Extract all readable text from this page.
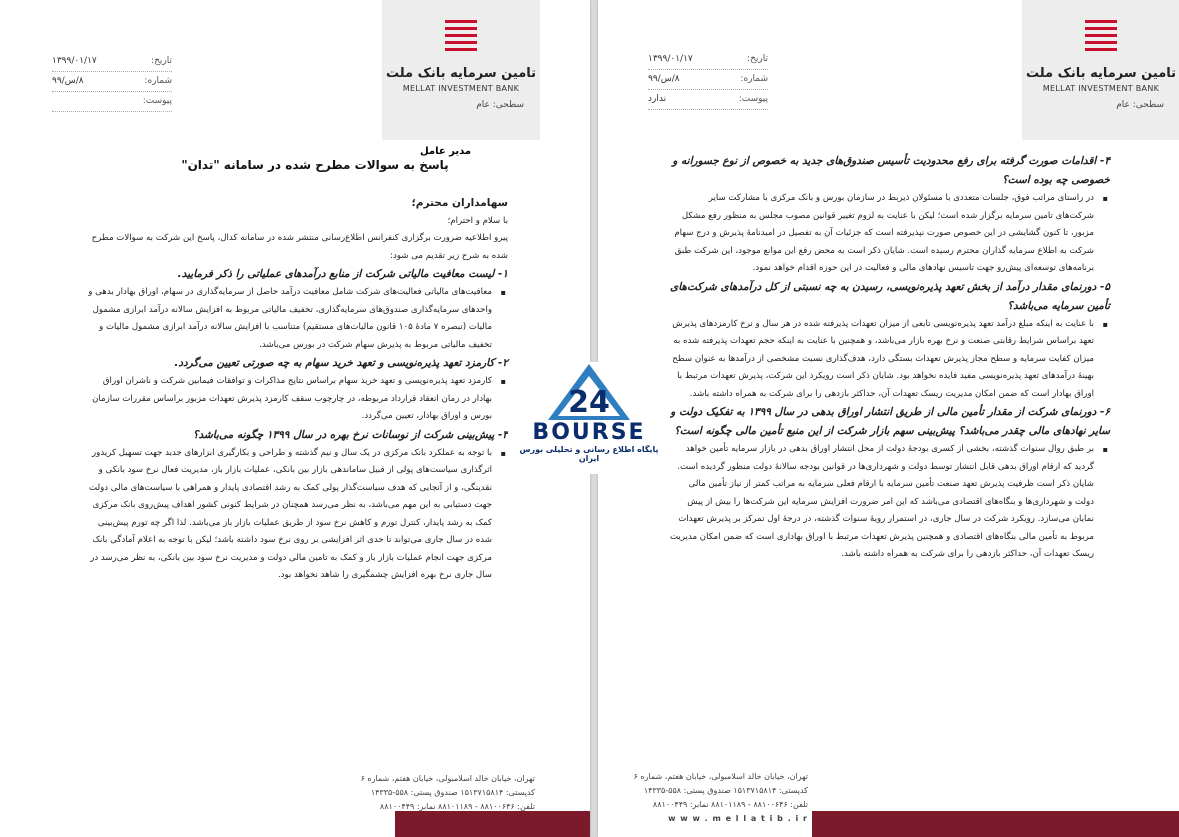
تامین سرمایه بانک ملت
MELLAT INVESTMENT BANK
سطحی: عام
تاریخ:
۱۳۹۹/۰۱/۱۷
شماره:
۸/س/۹۹
پیوست:
مدیر عامل
پاسخ به سوالات مطرح شده در سامانه "تدان"

سهامداران محترم؛

با سلام و احترام؛

پیرو اطلاعیه ضرورت برگزاری کنفرانس اطلاع‌رسانی منتشر شده در سامانه کدال، پاسخ این شرکت به سوالات مطرح شده به شرح زیر تقدیم می شود:

۱- لیست معافیت مالیاتی شرکت از منابع درآمدهای عملیاتی را ذکر فرمایید.

▪ معافیت‌های مالیاتی فعالیت‌های شرکت شامل معافیت درآمد حاصل از سرمایه‌گذاری در سهام، اوراق بهادار بدهی و واحدهای سرمایه‌گذاری صندوق‌های سرمایه‌گذاری، تخفیف مالیاتی مربوط به افزایش سالانه درآمد ابرازی مشمول مالیات (تبصره ۷ مادهٔ ۱۰۵ قانون مالیات‌های مستقیم) متناسب با افزایش سالانه درآمد ابرازی مشمول مالیات و تخفیف مالیاتی مربوط به پذیرش سهام شرکت در بورس می‌باشد.

۲- کارمزد تعهد پذیره‌نویسی و تعهد خرید سهام به چه صورتی تعیین می‌گردد.

▪ کارمزد تعهد پذیره‌نویسی و تعهد خرید سهام براساس نتایج مذاکرات و توافقات فیمابین شرکت و ناشران اوراق بهادار در زمان انعقاد قرارداد مربوطه، در چارچوب سقف کارمزد پذیرش تعهدات مزبور براساس مقررات سازمان بورس و اوراق بهادار، تعیین می‌گردد.

۳- پیش‌بینی شرکت از نوسانات نرخ بهره در سال ۱۳۹۹ چگونه می‌باشد؟

▪ با توجه به عملکرد بانک مرکزی در یک سال و نیم گذشته و طراحی و بکارگیری ابزارهای جدید جهت تسهیل کریدور اثرگذاری سیاست‌های پولی از قبیل ساماندهی بازار بین بانکی، عملیات بازار باز، مدیریت فعال نرخ سود بانکی و نقدینگی، و از آنجایی که هدف سیاست‌گذار پولی کمک به رشد اقتصادی پایدار و همراهی با سیاست‌های مالی دولت جهت دستیابی به این مهم می‌باشد، به نظر می‌رسد همچنان در شرایط کنونی کشور اهداف پیش‌روی بانک مرکزی کمک به رشد پایدار، کنترل تورم و کاهش نرخ سود از طریق عملیات بازار باز می‌باشد. لذا اگر چه تورم پیش‌بینی شده در سال جاری می‌تواند تا حدی اثر افزایشی بر روی نرخ سود داشته باشد؛ لیکن با توجه به اعلام آمادگی بانک مرکزی جهت انجام عملیات بازار باز و کمک به تامین مالی دولت و مدیریت نرخ سود بین بانکی، به نظر می‌رسد در سال جاری نرخ بهره افزایش چشمگیری را شاهد نخواهد بود.

تهران، خیابان خالد اسلامبولی، خیابان هفتم، شماره ۶
کدپستی: ۱۵۱۳۷۱۵۸۱۴ صندوق پستی: ۵۵۸-۱۴۳۳۵
تلفن: ۸۸۱۰۰۶۴۶ - ۸۸۱۰۱۱۸۹ نمابر: ۸۸۱۰۰۴۴۹
تامین سرمایه بانک ملت
MELLAT INVESTMENT BANK
سطحی: عام
تاریخ:
۱۳۹۹/۰۱/۱۷
شماره:
۸/س/۹۹
پیوست:
ندارد

۴- اقدامات صورت گرفته برای رفع محدودیت تأسیس صندوق‌های جدید به خصوص از نوع جسورانه و خصوصی چه بوده است؟

▪ در راستای مراتب فوق، جلسات متعددی با مسئولان ذیربط در سازمان بورس و بانک مرکزی با مشارکت سایر شرکت‌های تامین سرمایه برگزار شده است؛ لیکن با عنایت به لزوم تغییر قوانین مصوب مجلس به منظور رفع مشکل مزبور، تا کنون گشایشی در این خصوص صورت نپذیرفته است که جزئیات آن به تفصیل در امیدنامهٔ پذیرش و درج سهام شرکت به اطلاع سرمایه گذاران محترم رسیده است. شایان ذکر است به محض رفع این موانع موجود، این شرکت طبق برنامه‌های توسعه‌ای پیش‌رو جهت تاسیس نهادهای مالی و فعالیت در این حوزه اقدام خواهد نمود.

۵- دورنمای مقدار درآمد از بخش تعهد پذیره‌نویسی، رسیدن به چه نسبتی از کل درآمدهای شرکت‌های تأمین سرمایه می‌باشد؟

▪ با عنایت به اینکه مبلغ درآمد تعهد پذیره‌نویسی تابعی از میزان تعهدات پذیرفته شده در هر سال و نرخ کارمزدهای پذیرش تعهد براساس شرایط رقابتی صنعت و نرخ بهره بازار می‌باشد، و همچنین با عنایت به اینکه حجم تعهدات پذیرفته شده به میزان کفایت سرمایه و سطح مجاز پذیرش تعهدات بستگی دارد، هدف‌گذاری نسبت مشخصی از درآمدها به عنوان سطح بهینهٔ درآمدهای تعهد پذیره‌نویسی مفید فایده نخواهد بود. شایان ذکر است رویکرد این شرکت، پذیرش تعهدات مرتبط با اوراق بهادار است که ضمن امکان مدیریت ریسک تعهدات آن، حداکثر بازدهی را برای شرکت به همراه داشته باشد.

۶- دورنمای شرکت از مقدار تأمین مالی از طریق انتشار اوراق بدهی در سال ۱۳۹۹ به تفکیک دولت و سایر نهادهای مالی چقدر می‌باشد؟ پیش‌بینی سهم بازار شرکت از این منبع تأمین مالی چگونه است؟

▪ بر طبق روال سنوات گذشته، بخشی از کسری بودجهٔ دولت از محل انتشار اوراق بدهی در بازار سرمایه تأمین خواهد گردید که ارقام اوراق بدهی قابل انتشار توسط دولت و شهرداری‌ها در قوانین بودجه سالانهٔ دولت منظور گردیده است. شایان ذکر است ظرفیت پذیرش تعهد صنعت تأمین سرمایه با ارقام فعلی سرمایه به مراتب کمتر از نیاز تأمین مالی دولت و شهرداری‌ها و بنگاه‌های اقتصادی می‌باشد که این امر ضرورت افزایش سرمایه این شرکت‌ها را بیش از پیش نمایان می‌سازد. رویکرد شرکت در سال جاری، در استمرار رویهٔ سنوات گذشته، در درجهٔ اول تمرکز بر پذیرش تعهدات مربوط به تأمین مالی بنگاه‌های اقتصادی و همچنین پذیرش تعهدات مرتبط با اوراق بهاداری است که ضمن امکان مدیریت ریسک تعهدات آن، حداکثر بازدهی را برای شرکت به همراه داشته باشد.

تهران، خیابان خالد اسلامبولی، خیابان هفتم، شماره ۶
کدپستی: ۱۵۱۳۷۱۵۸۱۴ صندوق پستی: ۵۵۸-۱۴۳۳۵
تلفن: ۸۸۱۰۰۶۴۶ - ۸۸۱۰۱۱۸۹ نمابر: ۸۸۱۰۰۴۴۹
w w w . m e l l a t i b . i r
24
BOURSE
پایگاه اطلاع رسانی و تحلیلی بورس ایران
